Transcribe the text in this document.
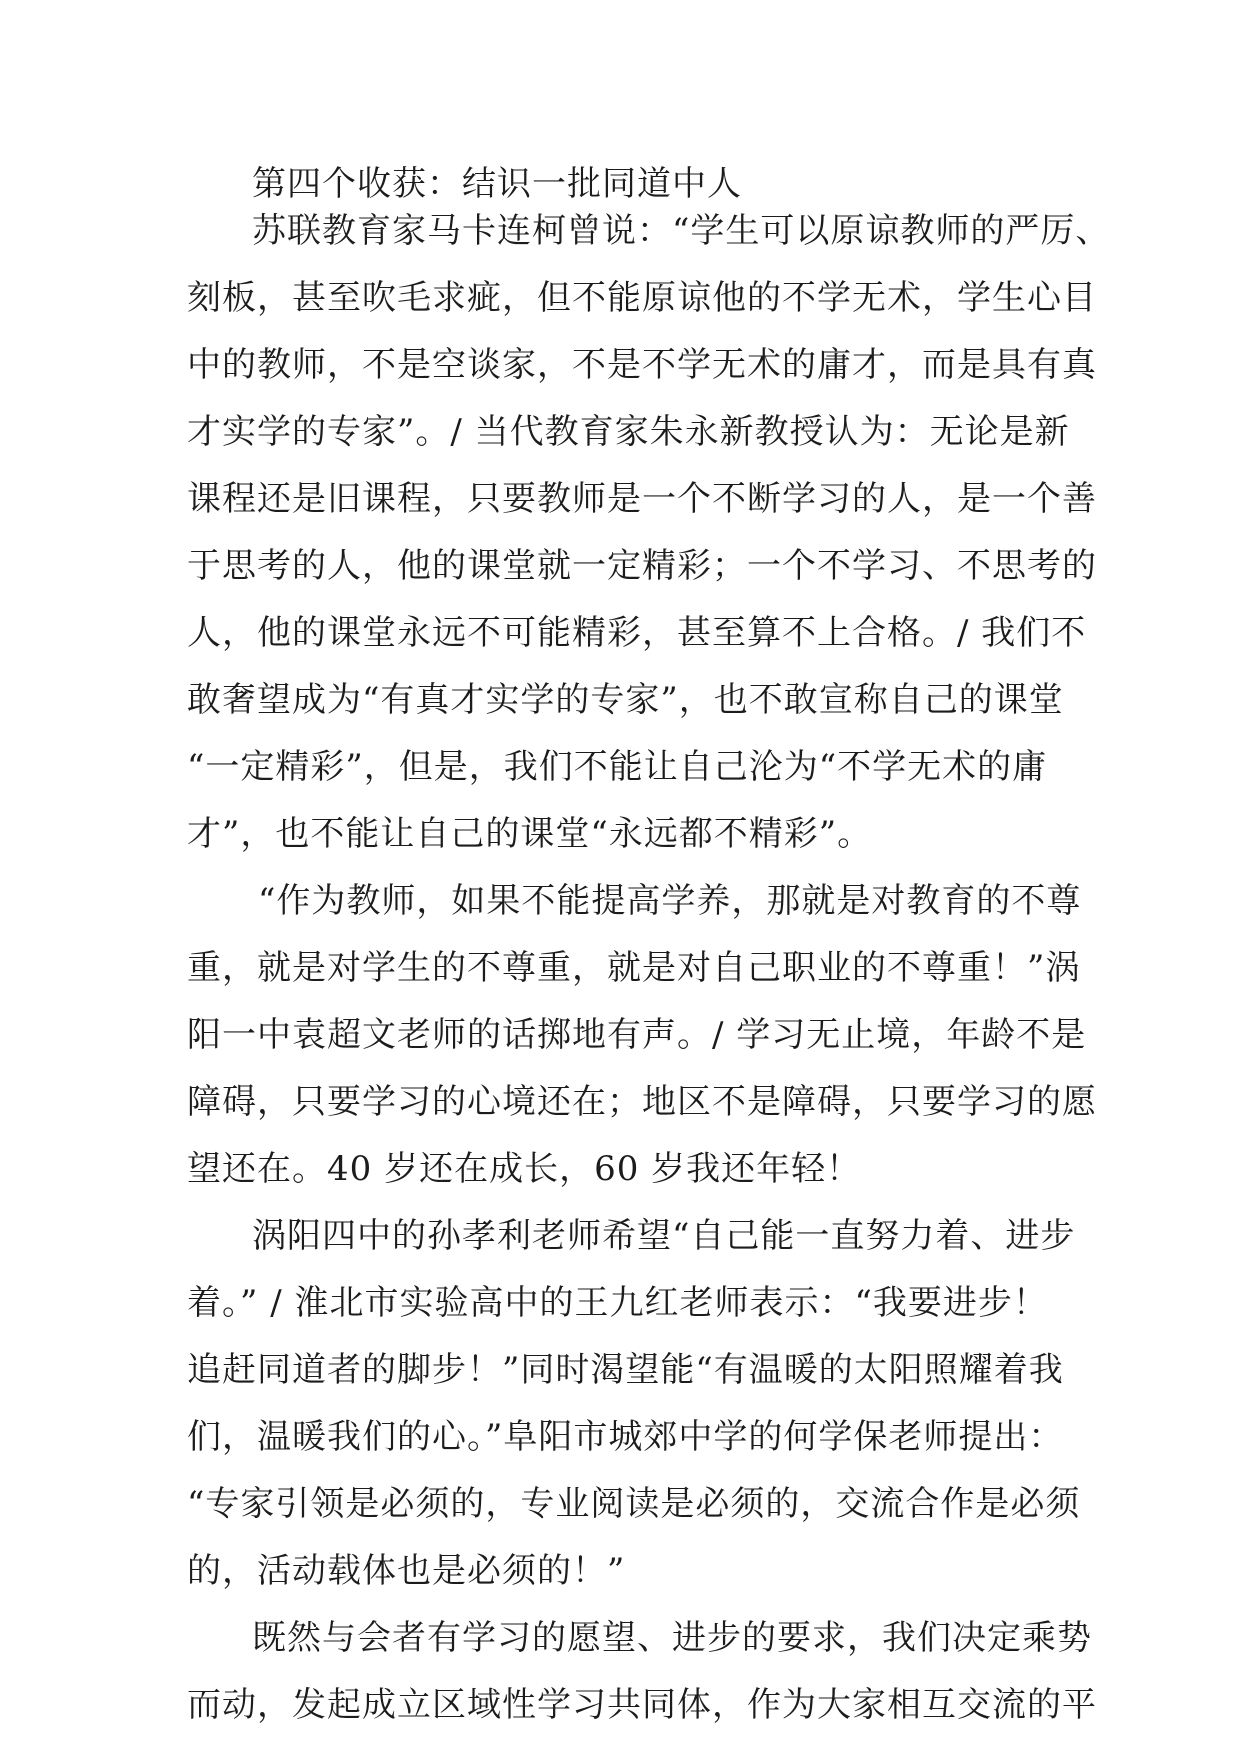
第四个收获：结识一批同道中人
苏联教育家马卡连柯曾说：“学生可以原谅教师的严厉、
刻板，甚至吹毛求疵，但不能原谅他的不学无术，学生心目
中的教师，不是空谈家，不是不学无术的庸才，而是具有真
才实学的专家”。/ 当代教育家朱永新教授认为：无论是新
课程还是旧课程，只要教师是一个不断学习的人，是一个善
于思考的人，他的课堂就一定精彩；一个不学习、不思考的
人，他的课堂永远不可能精彩，甚至算不上合格。/ 我们不
敢奢望成为“有真才实学的专家”，也不敢宣称自己的课堂
“一定精彩”，但是，我们不能让自己沦为“不学无术的庸
才”，也不能让自己的课堂“永远都不精彩”。
“作为教师，如果不能提高学养，那就是对教育的不尊
重，就是对学生的不尊重，就是对自己职业的不尊重！”涡
阳一中袁超文老师的话掷地有声。/ 学习无止境，年龄不是
障碍，只要学习的心境还在；地区不是障碍，只要学习的愿
望还在。40 岁还在成长，60 岁我还年轻！
涡阳四中的孙孝利老师希望“自己能一直努力着、进步
着。” / 淮北市实验高中的王九红老师表示：“我要进步！
追赶同道者的脚步！”同时渴望能“有温暖的太阳照耀着我
们，温暖我们的心。”阜阳市城郊中学的何学保老师提出：
“专家引领是必须的，专业阅读是必须的，交流合作是必须
的，活动载体也是必须的！”
既然与会者有学习的愿望、进步的要求，我们决定乘势
而动，发起成立区域性学习共同体，作为大家相互交流的平
